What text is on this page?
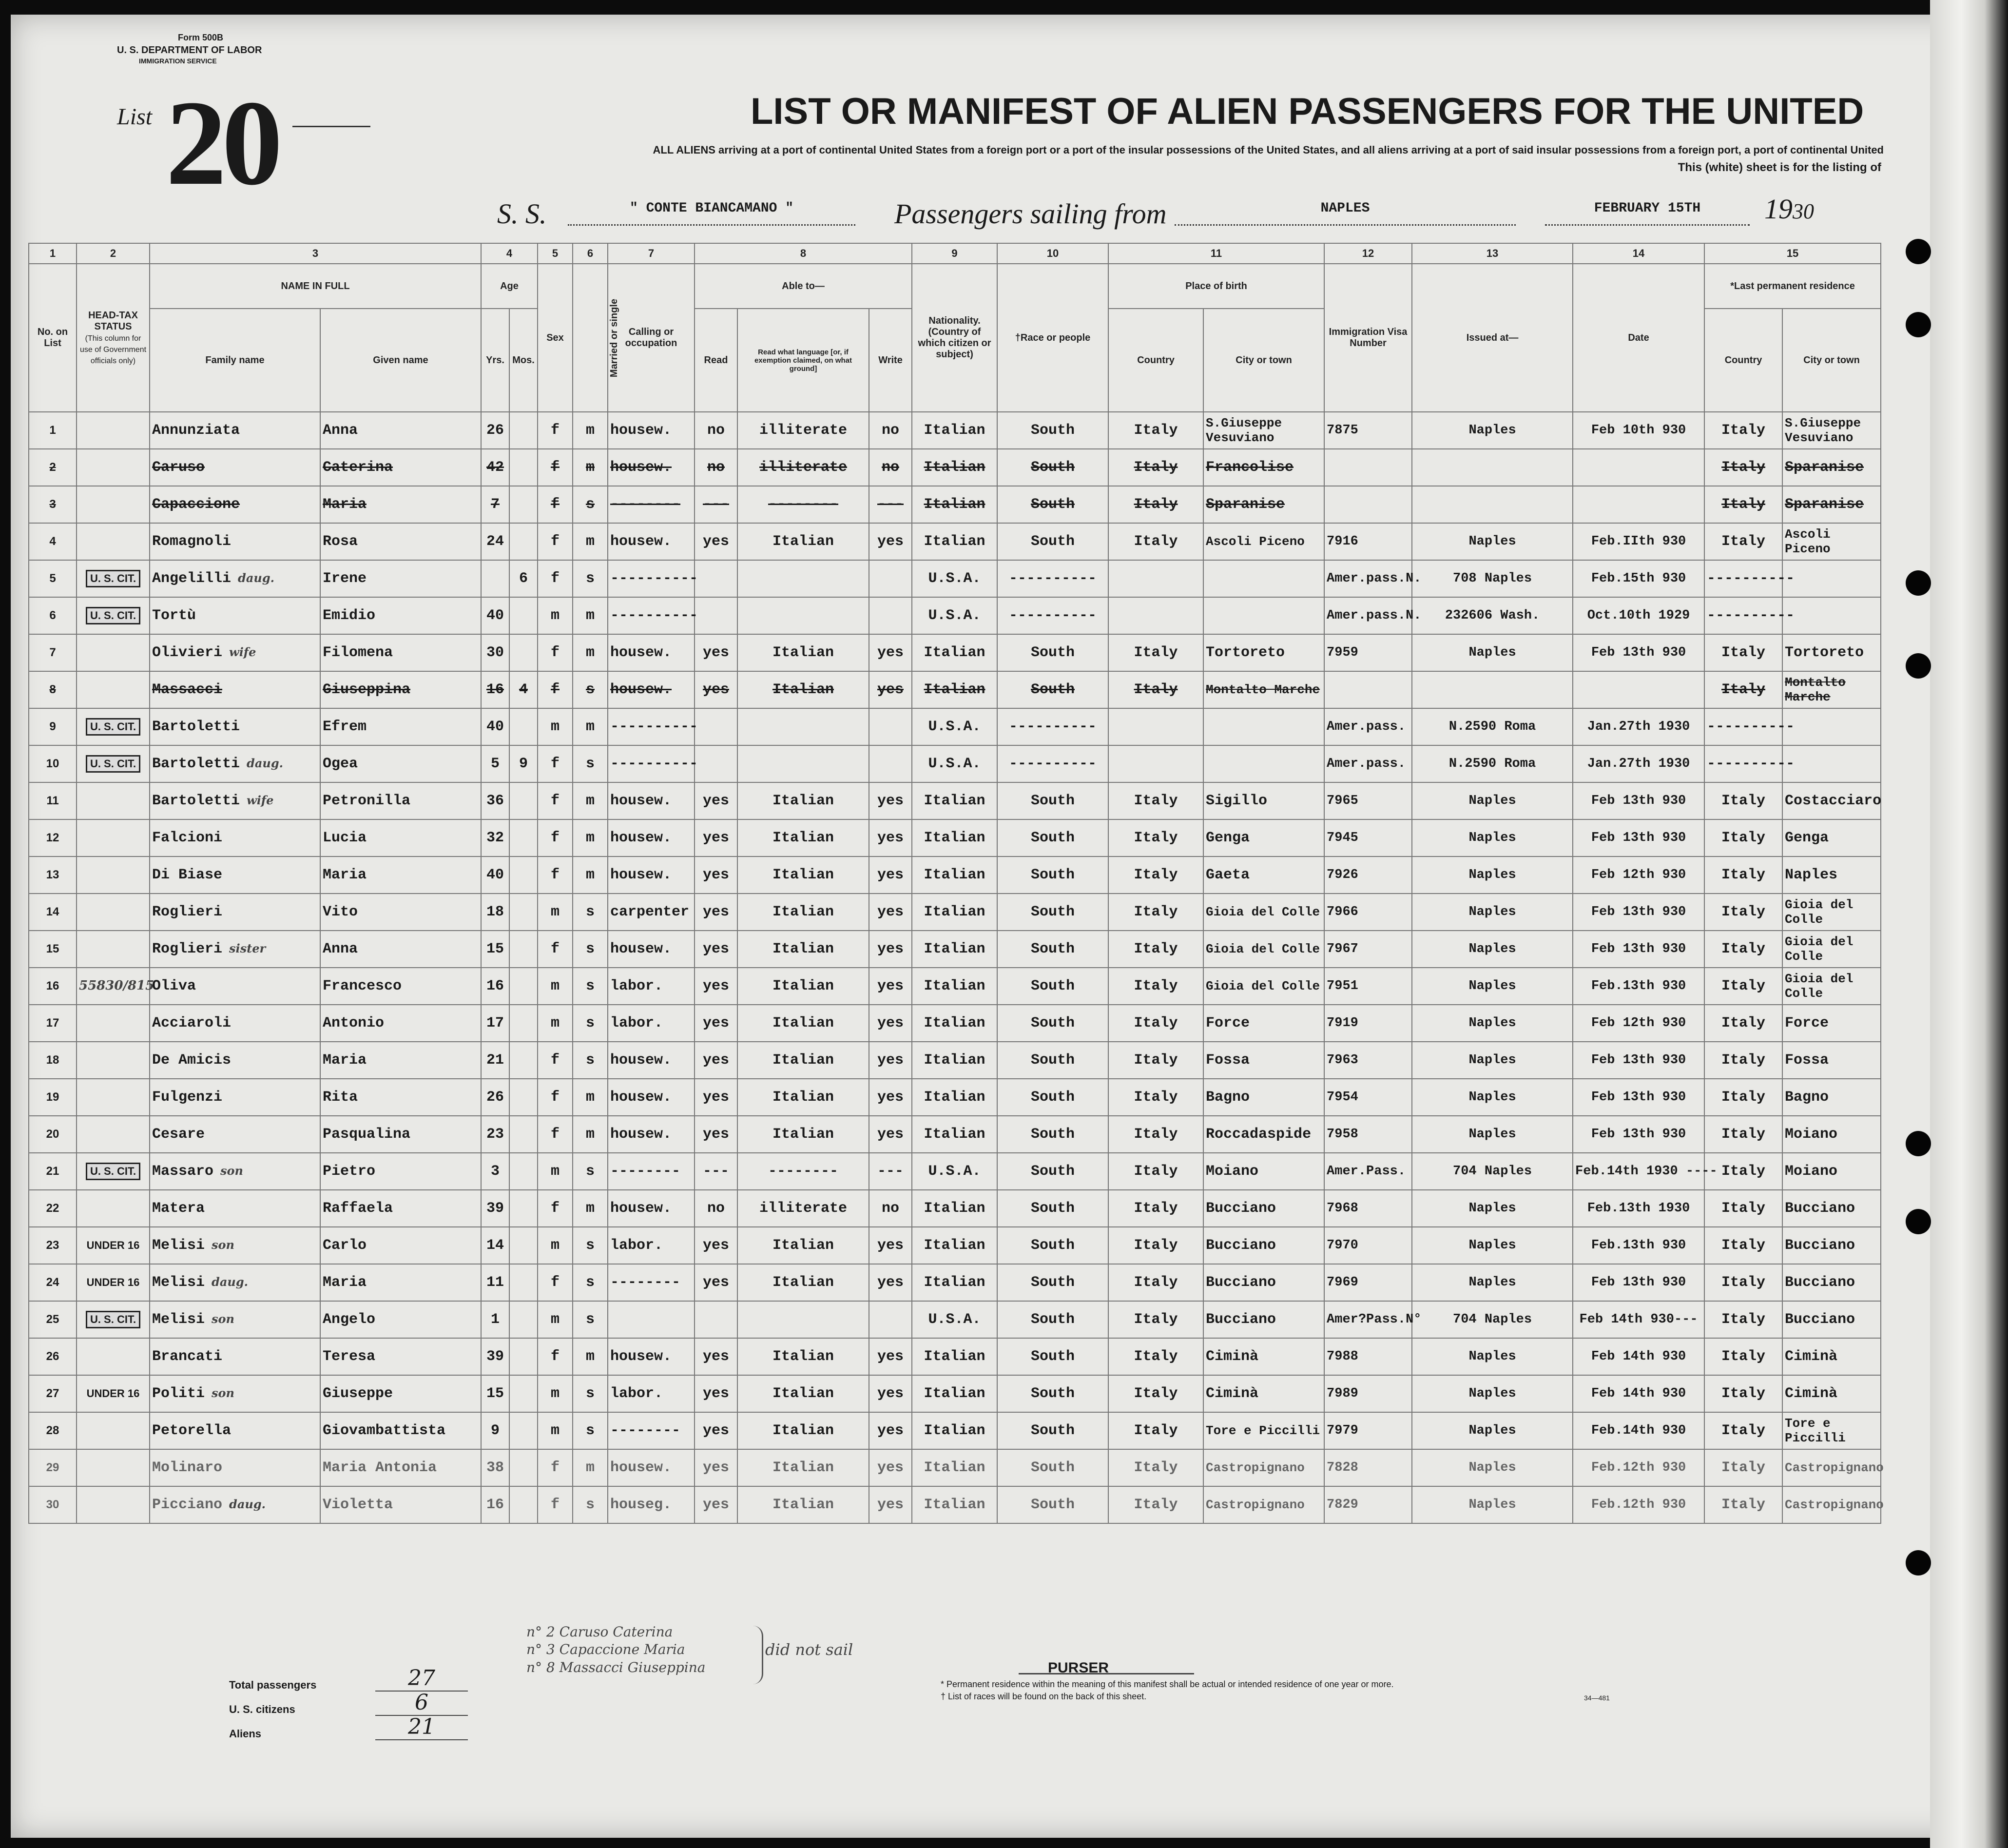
Form 500B
U. S. DEPARTMENT OF LABOR
IMMIGRATION SERVICE
List 20	LIST OR MANIFEST OF ALIEN PASSENGERS FOR THE UNITED
ALL ALIENS arriving at a port of continental United States from a foreign port or a port of the insular possessions of the United States, and all aliens arriving at a port of said insular possessions from a foreign port, a port of continental United
This (white) sheet is for the listing of
S. S.	" CONTE BIANCAMANO "	Passengers sailing from	NAPLES	FEBRUARY 15TH	1930
1	2	3		4		5	6	7	8			9	10	11		12	13	14	15	
No. on List	HEAD-TAX STATUS
(This column for use of Government officials only)	NAME IN FULL		Age		Sex	Married or single	Calling or occupation	Able to—			Nationality. (Country of which citizen or subject)	†Race or people	Place of birth		Immigration Visa Number	Issued at—	Date	*Last permanent residence	
		Family name	Given name	Yrs.	Mos.				Read	Read what language [or, if exemption claimed, on what ground]	Write			Country	City or town				Country	City or town
1		Annunziata	Anna	26		f	m	housew.	no	illiterate	no	Italian	South	Italy	S.Giuseppe Vesuviano	7875	Naples	Feb 10th 930	Italy	S.Giuseppe Vesuviano
2		Caruso	Caterina	42		f	m	housew.	no	illiterate	no	Italian	South	Italy	Francolise				Italy	Sparanise
3		Capaccione	Maria	7		f	s	--------	---	--------	---	Italian	South	Italy	Sparanise				Italy	Sparanise
4		Romagnoli	Rosa	24		f	m	housew.	yes	Italian	yes	Italian	South	Italy	Ascoli Piceno	7916	Naples	Feb.IIth 930	Italy	Ascoli Piceno
5	U. S. CIT.	Angelilli daug.	Irene		6	f	s	----------				U.S.A.	----------			Amer.pass.N.	708 Naples	Feb.15th 930	----------	
6	U. S. CIT.	Tortù	Emidio	40		m	m	----------				U.S.A.	----------			Amer.pass.N.	232606 Wash.	Oct.10th 1929	----------	
7		Olivieri wife	Filomena	30		f	m	housew.	yes	Italian	yes	Italian	South	Italy	Tortoreto	7959	Naples	Feb 13th 930	Italy	Tortoreto
8		Massacci	Giuseppina	16	4	f	s	housew.	yes	Italian	yes	Italian	South	Italy	Montalto Marche				Italy	Montalto Marche
9	U. S. CIT.	Bartoletti	Efrem	40		m	m	----------				U.S.A.	----------			Amer.pass.	N.2590 Roma	Jan.27th 1930	----------	
10	U. S. CIT.	Bartoletti daug.	Ogea	5	9	f	s	----------				U.S.A.	----------			Amer.pass.	N.2590 Roma	Jan.27th 1930	----------	
11		Bartoletti wife	Petronilla	36		f	m	housew.	yes	Italian	yes	Italian	South	Italy	Sigillo	7965	Naples	Feb 13th 930	Italy	Costacciaro
12		Falcioni	Lucia	32		f	m	housew.	yes	Italian	yes	Italian	South	Italy	Genga	7945	Naples	Feb 13th 930	Italy	Genga
13		Di Biase	Maria	40		f	m	housew.	yes	Italian	yes	Italian	South	Italy	Gaeta	7926	Naples	Feb 12th 930	Italy	Naples
14		Roglieri	Vito	18		m	s	carpenter	yes	Italian	yes	Italian	South	Italy	Gioia del Colle	7966	Naples	Feb 13th 930	Italy	Gioia del Colle
15		Roglieri sister	Anna	15		f	s	housew.	yes	Italian	yes	Italian	South	Italy	Gioia del Colle	7967	Naples	Feb 13th 930	Italy	Gioia del Colle
16	55830/815	Oliva	Francesco	16		m	s	labor.	yes	Italian	yes	Italian	South	Italy	Gioia del Colle	7951	Naples	Feb.13th 930	Italy	Gioia del Colle
17		Acciaroli	Antonio	17		m	s	labor.	yes	Italian	yes	Italian	South	Italy	Force	7919	Naples	Feb 12th 930	Italy	Force
18		De Amicis	Maria	21		f	s	housew.	yes	Italian	yes	Italian	South	Italy	Fossa	7963	Naples	Feb 13th 930	Italy	Fossa
19		Fulgenzi	Rita	26		f	m	housew.	yes	Italian	yes	Italian	South	Italy	Bagno	7954	Naples	Feb 13th 930	Italy	Bagno
20		Cesare	Pasqualina	23		f	m	housew.	yes	Italian	yes	Italian	South	Italy	Roccadaspide	7958	Naples	Feb 13th 930	Italy	Moiano
21	U. S. CIT.	Massaro son	Pietro	3		m	s	--------	---	--------	---	U.S.A.	South	Italy	Moiano	Amer.Pass.	704 Naples	Feb.14th 1930 ----	Italy	Moiano
22		Matera	Raffaela	39		f	m	housew.	no	illiterate	no	Italian	South	Italy	Bucciano	7968	Naples	Feb.13th 1930	Italy	Bucciano
23	UNDER 16	Melisi son	Carlo	14		m	s	labor.	yes	Italian	yes	Italian	South	Italy	Bucciano	7970	Naples	Feb.13th 930	Italy	Bucciano
24	UNDER 16	Melisi daug.	Maria	11		f	s	--------	yes	Italian	yes	Italian	South	Italy	Bucciano	7969	Naples	Feb 13th 930	Italy	Bucciano
25	U. S. CIT.	Melisi son	Angelo	1		m	s					U.S.A.	South	Italy	Bucciano	Amer?Pass.N°	704 Naples	Feb 14th 930---	Italy	Bucciano
26		Brancati	Teresa	39		f	m	housew.	yes	Italian	yes	Italian	South	Italy	Ciminà	7988	Naples	Feb 14th 930	Italy	Ciminà
27	UNDER 16	Politi son	Giuseppe	15		m	s	labor.	yes	Italian	yes	Italian	South	Italy	Ciminà	7989	Naples	Feb 14th 930	Italy	Ciminà
28		Petorella	Giovambattista	9		m	s	--------	yes	Italian	yes	Italian	South	Italy	Tore e Piccilli	7979	Naples	Feb.14th 930	Italy	Tore e Piccilli
29		Molinaro	Maria Antonia	38		f	m	housew.	yes	Italian	yes	Italian	South	Italy	Castropignano	7828	Naples	Feb.12th 930	Italy	Castropignano
30		Picciano daug.	Violetta	16		f	s	houseg.	yes	Italian	yes	Italian	South	Italy	Castropignano	7829	Naples	Feb.12th 930	Italy	Castropignano
Total passengers	27
U. S. citizens	6
Aliens	21
n° 2 Caruso Caterina
n° 3 Capaccione Maria
n° 8 Massacci Giuseppina
did not sail
PURSER
* Permanent residence within the meaning of this manifest shall be actual or intended residence of one year or more.
† List of races will be found on the back of this sheet.	34—481
